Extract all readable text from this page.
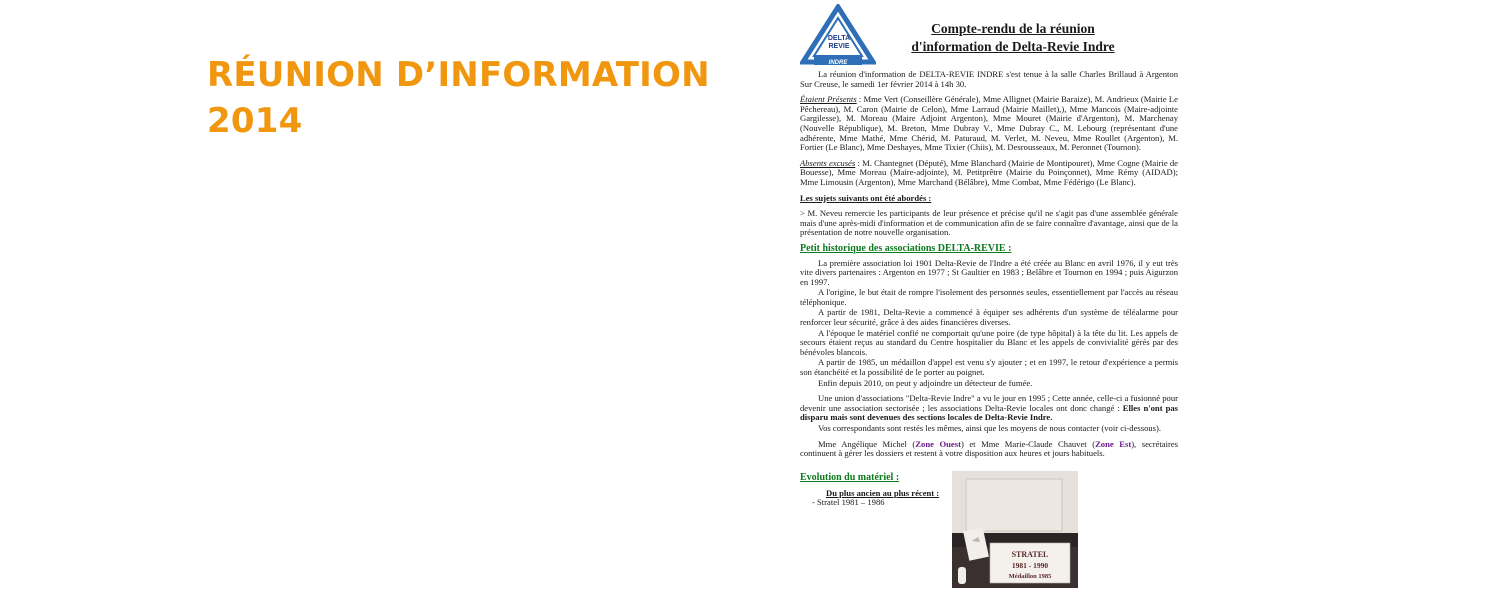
RÉUNION D’INFORMATION
2014
DELTA
REVIE
INDRE
Compte-rendu de la réunion
d'information de Delta-Revie Indre

La réunion d'information de DELTA-REVIE INDRE s'est tenue à la salle Charles Brillaud à Argenton Sur Creuse, le samedi 1er février 2014 à 14h 30.

Étaient Présents : Mme Vert (Conseillère Générale), Mme Allignet (Mairie Baraize), M. Andrieux (Mairie Le Pêchereau), M. Caron (Mairie de Celon), Mme Larraud (Mairie Maillet),), Mme Mancois (Maire-adjointe Gargilesse), M. Moreau (Maire Adjoint Argenton), Mme Mouret (Mairie d'Argenton), M. Marchenay (Nouvelle République), M. Breton, Mme Dubray V., Mme Dubray C., M. Lebourg (représentant d'une adhérente, Mme Mathé, Mme Chérid, M. Paturaud, M. Verlet, M. Neveu, Mme Roullet (Argenton), M. Fortier (Le Blanc), Mme Deshayes, Mme Tixier (Chiis), M. Desrousseaux, M. Peronnet (Tournon).

Absents excusés : M. Chantegnet (Député), Mme Blanchard (Mairie de Montipouret), Mme Cogne (Mairie de Bouesse), Mme Moreau (Maire-adjointe), M. Petitprêtre (Mairie du Poinçonnet), Mme Rémy (AIDAD); Mme Limousin (Argenton), Mme Marchand (Bélâbre), Mme Combat, Mme Fédérigo (Le Blanc).

Les sujets suivants ont été abordés :

> M. Neveu remercie les participants de leur présence et précise qu'il ne s'agit pas d'une assemblée générale mais d'une après-midi d'information et de communication afin de se faire connaître d'avantage, ainsi que de la présentation de notre nouvelle organisation.

Petit historique des associations DELTA-REVIE :

La première association loi 1901 Delta-Revie de l'Indre a été créée au Blanc en avril 1976, il y eut très vite divers partenaires : Argenton en 1977 ; St Gaultier en 1983 ; Belâbre et Tournon en 1994 ; puis Aigurzon en 1997.

A l'origine, le but était de rompre l'isolement des personnes seules, essentiellement par l'accès au réseau téléphonique.

A partir de 1981, Delta-Revie a commencé à équiper ses adhérents d'un système de téléalarme pour renforcer leur sécurité, grâce à des aides financières diverses.

A l'époque le matériel confié ne comportait qu'une poire (de type hôpital) à la tête du lit. Les appels de secours étaient reçus au standard du Centre hospitalier du Blanc et les appels de convivialité gérés par des bénévoles blancois.

A partir de 1985, un médaillon d'appel est venu s'y ajouter ; et en 1997, le retour d'expérience a permis son étanchéité et la possibilité de le porter au poignet.

Enfin depuis 2010, on peut y adjoindre un détecteur de fumée.

Une union d'associations "Delta-Revie Indre" a vu le jour en 1995 ; Cette année, celle-ci a fusionné pour devenir une association sectorisée ; les associations Delta-Revie locales ont donc changé : Elles n'ont pas disparu mais sont devenues des sections locales de Delta-Revie Indre.

Vos correspondants sont restés les mêmes, ainsi que les moyens de nous contacter (voir ci-dessous).

Mme Angélique Michel (Zone Ouest) et Mme Marie-Claude Chauvet (Zone Est), secrétaires continuent à gérer les dossiers et restent à votre disposition aux heures et jours habituels.

Evolution du matériel :

Du plus ancien au plus récent :
- Stratel 1981 – 1986
STRATEL
1981 - 1990
Médaillon 1985
